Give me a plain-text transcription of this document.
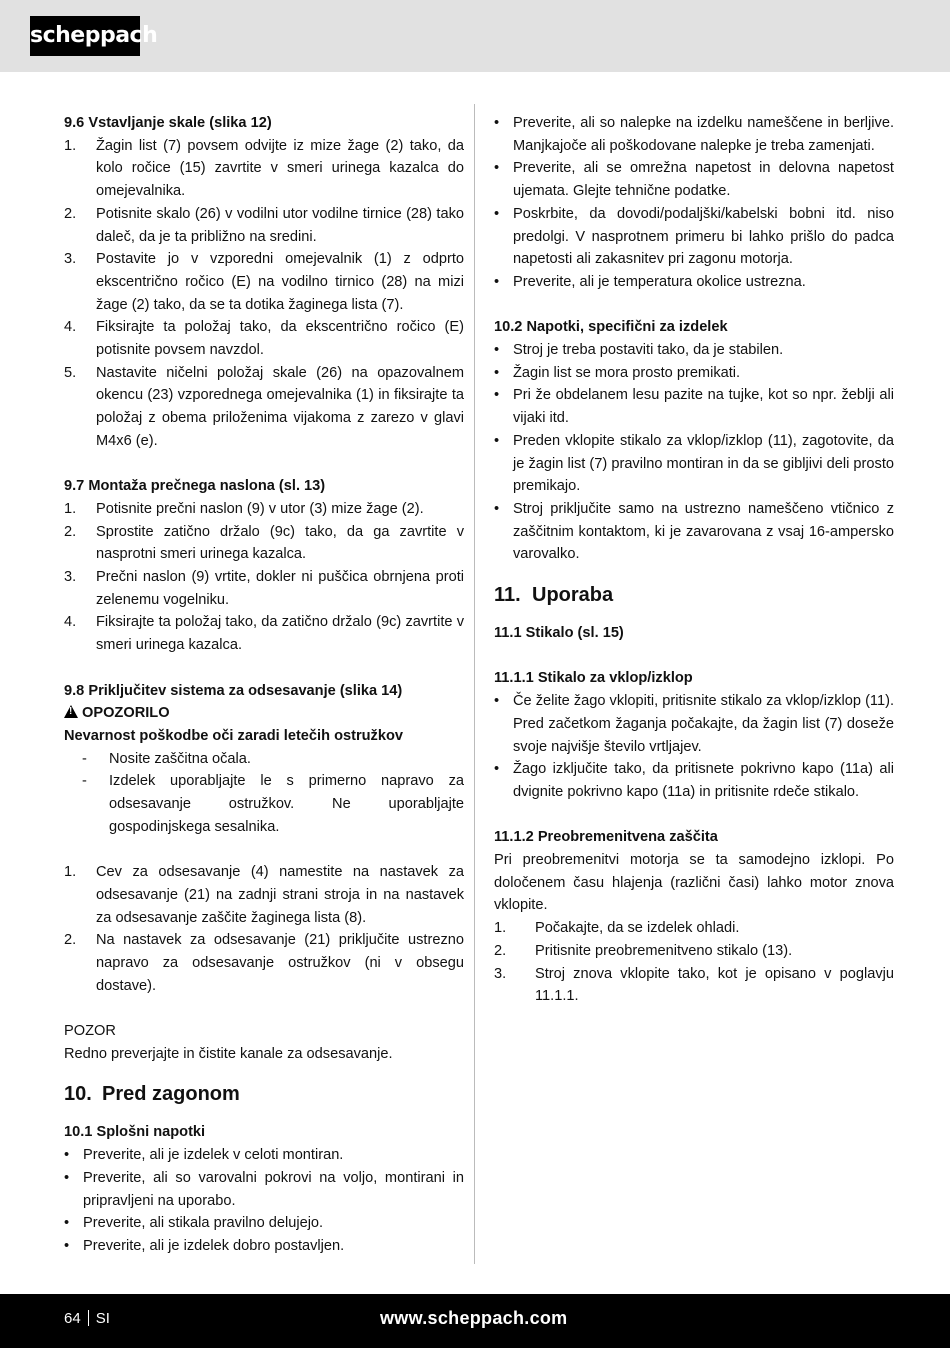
scheppach
9.6 Vstavljanje skale (slika 12)
1.	Žagin list (7) povsem odvijte iz mize žage (2) tako, da kolo ročice (15) zavrtite v smeri urinega kazalca do omejevalnika.
2.	Potisnite skalo (26) v vodilni utor vodilne tirnice (28) tako daleč, da je ta približno na sredini.
3.	Postavite jo v vzporedni omejevalnik (1) z odprto ekscentrično ročico (E) na vodilno tirnico (28) na mizi žage (2) tako, da se ta dotika žaginega lista (7).
4.	Fiksirajte ta položaj tako, da ekscentrično ročico (E) potisnite povsem navzdol.
5.	Nastavite ničelni položaj skale (26) na opazovalnem okencu (23) vzporednega omejevalnika (1) in fiksirajte ta položaj z obema priloženima vijakoma z zarezo v glavi M4x6 (e).
9.7 Montaža prečnega naslona (sl. 13)
1.	Potisnite prečni naslon (9) v utor (3) mize žage (2).
2.	Sprostite zatično držalo (9c) tako, da ga zavrtite v nasprotni smeri urinega kazalca.
3.	Prečni naslon (9) vrtite, dokler ni puščica obrnjena proti zelenemu vogelniku.
4.	Fiksirajte ta položaj tako, da zatično držalo (9c) zavrtite v smeri urinega kazalca.
9.8 Priključitev sistema za odsesavanje (slika 14)
!OPOZORILO
Nevarnost poškodbe oči zaradi letečih ostružkov
-	Nosite zaščitna očala.
-	Izdelek uporabljajte le s primerno napravo za odsesavanje ostružkov. Ne uporabljajte gospodinjskega sesalnika.
1.	Cev za odsesavanje (4) namestite na nastavek za odsesavanje (21) na zadnji strani stroja in na nastavek za odsesavanje zaščite žaginega lista (8).
2.	Na nastavek za odsesavanje (21) priključite ustrezno napravo za odsesavanje ostružkov (ni v obsegu dostave).
POZOR
Redno preverjajte in čistite kanale za odsesavanje.
10. Pred zagonom
10.1 Splošni napotki
• Preverite, ali je izdelek v celoti montiran.
• Preverite, ali so varovalni pokrovi na voljo, montirani in pripravljeni na uporabo.
• Preverite, ali stikala pravilno delujejo.
• Preverite, ali je izdelek dobro postavljen.
• Preverite, ali so nalepke na izdelku nameščene in berljive. Manjkajoče ali poškodovane nalepke je treba zamenjati.
• Preverite, ali se omrežna napetost in delovna napetost ujemata. Glejte tehnične podatke.
• Poskrbite, da dovodi/podaljški/kabelski bobni itd. niso predolgi. V nasprotnem primeru bi lahko prišlo do padca napetosti ali zakasnitev pri zagonu motorja.
• Preverite, ali je temperatura okolice ustrezna.
10.2 Napotki, specifični za izdelek
• Stroj je treba postaviti tako, da je stabilen.
• Žagin list se mora prosto premikati.
• Pri že obdelanem lesu pazite na tujke, kot so npr. žeblji ali vijaki itd.
• Preden vklopite stikalo za vklop/izklop (11), zagotovite, da je žagin list (7) pravilno montiran in da se gibljivi deli prosto premikajo.
• Stroj priključite samo na ustrezno nameščeno vtičnico z zaščitnim kontaktom, ki je zavarovana z vsaj 16-ampersko varovalko.
11. Uporaba
11.1 Stikalo (sl. 15)
11.1.1 Stikalo za vklop/izklop
• Če želite žago vklopiti, pritisnite stikalo za vklop/izklop (11). Pred začetkom žaganja počakajte, da žagin list (7) doseže svoje najvišje število vrtljajev.
• Žago izključite tako, da pritisnete pokrivno kapo (11a) ali dvignite pokrivno kapo (11a) in pritisnite rdeče stikalo.
11.1.2 Preobremenitvena zaščita
Pri preobremenitvi motorja se ta samodejno izklopi. Po določenem času hlajenja (različni časi) lahko motor znova vklopite.
1.	Počakajte, da se izdelek ohladi.
2.	Pritisnite preobremenitveno stikalo (13).
3.	Stroj znova vklopite tako, kot je opisano v poglavju 11.1.1.
64 SI	www.scheppach.com
